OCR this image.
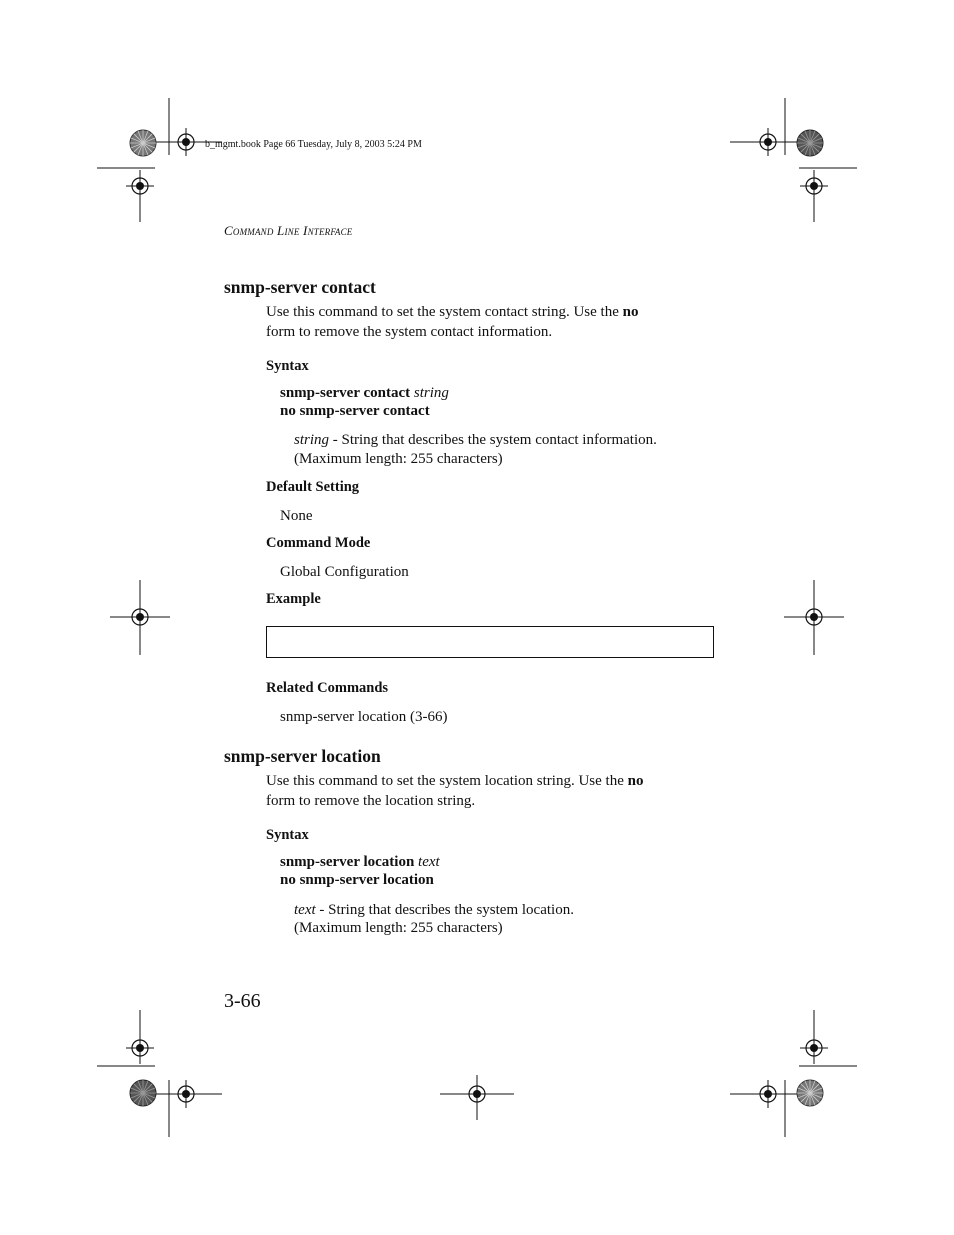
b_mgmt.book Page 66 Tuesday, July 8, 2003 5:24 PM
Command Line Interface
snmp-server contact
Use this command to set the system contact string. Use the no
form to remove the system contact information.
Syntax
snmp-server contact string
no snmp-server contact
string - String that describes the system contact information.
(Maximum length: 255 characters)
Default Setting
None
Command Mode
Global Configuration
Example
Related Commands
snmp-server location (3-66)
snmp-server location
Use this command to set the system location string. Use the no
form to remove the location string.
Syntax
snmp-server location text
no snmp-server location
text - String that describes the system location.
(Maximum length: 255 characters)
3-66
